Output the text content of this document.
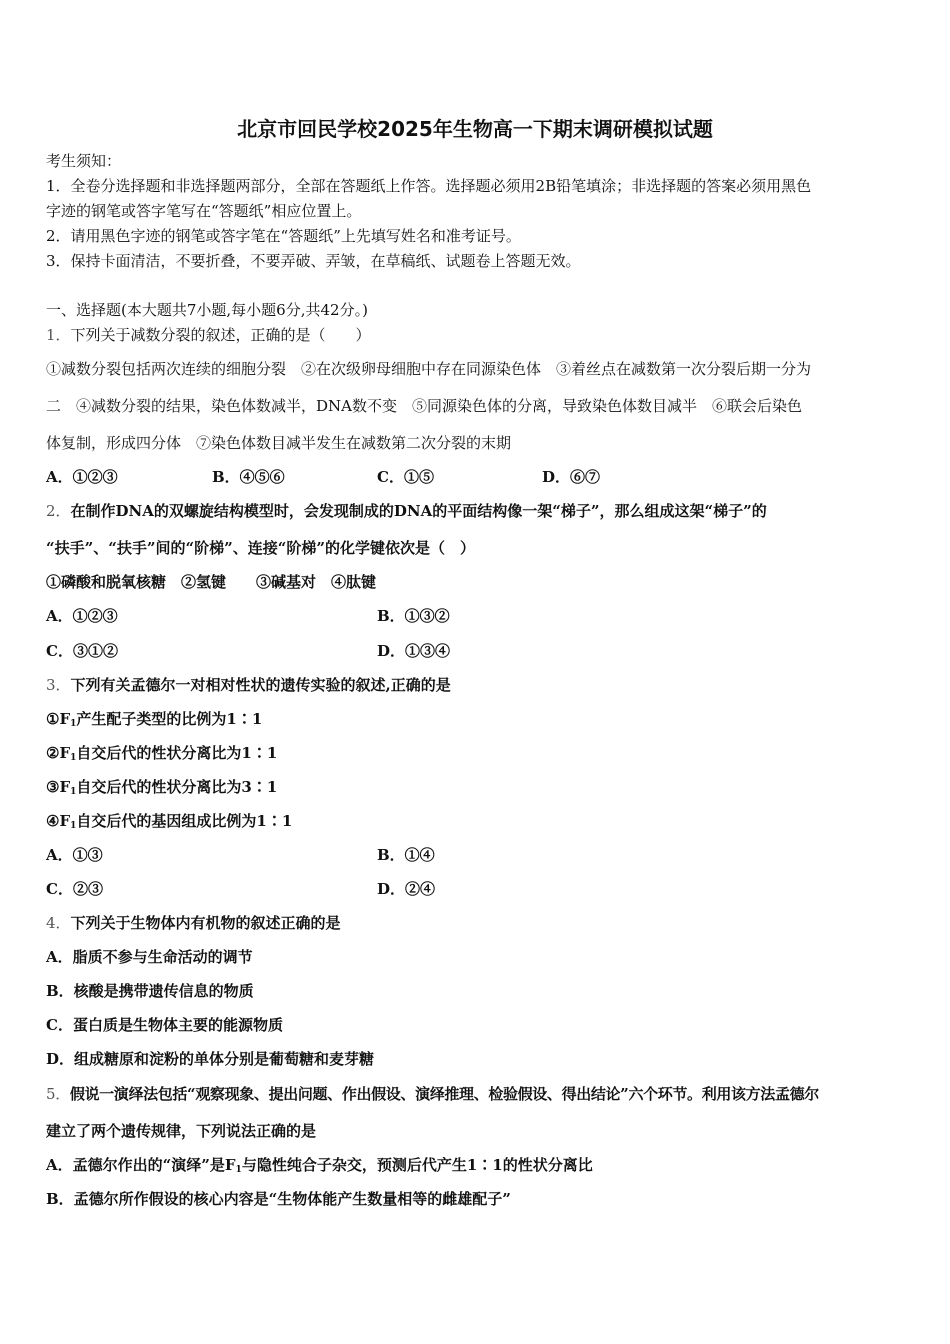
北京市回民学校2025年生物高一下期末调研模拟试题
考生须知：
1．全卷分选择题和非选择题两部分，全部在答题纸上作答。选择题必须用2B铅笔填涂；非选择题的答案必须用黑色
字迹的钢笔或答字笔写在“答题纸”相应位置上。
2．请用黑色字迹的钢笔或答字笔在“答题纸”上先填写姓名和准考证号。
3．保持卡面清洁，不要折叠，不要弄破、弄皱，在草稿纸、试题卷上答题无效。
一、选择题(本大题共7小题,每小题6分,共42分。)
1．下列关于减数分裂的叙述，正确的是（　　）
①减数分裂包括两次连续的细胞分裂　②在次级卵母细胞中存在同源染色体　③着丝点在减数第一次分裂后期一分为
二　④减数分裂的结果，染色体数减半，DNA数不变　⑤同源染色体的分离，导致染色体数目减半　⑥联会后染色
体复制，形成四分体　⑦染色体数目减半发生在减数第二次分裂的末期
A．①②③	B．④⑤⑥	C．①⑤	D．⑥⑦
2．在制作DNA的双螺旋结构模型时，会发现制成的DNA的平面结构像一架“梯子”，那么组成这架“梯子”的
“扶手”、“扶手”间的“阶梯”、连接“阶梯”的化学键依次是（　）
①磷酸和脱氧核糖　②氢键　　③碱基对　④肽键
A．①②③	B．①③②
C．③①②	D．①③④
3．下列有关孟德尔一对相对性状的遗传实验的叙述,正确的是
$①F_1$产生配子类型的比例为1∶1
$②F_1$自交后代的性状分离比为1∶1
$③F_1$自交后代的性状分离比为3∶1
$④F_1$自交后代的基因组成比例为1∶1
A．①③	B．①④
C．②③	D．②④
4．下列关于生物体内有机物的叙述正确的是
A．脂质不参与生命活动的调节
B．核酸是携带遗传信息的物质
C．蛋白质是生物体主要的能源物质
D．组成糖原和淀粉的单体分别是葡萄糖和麦芽糖
5．假说一演绎法包括“观察现象、提出问题、作出假设、演绎推理、检验假设、得出结论”六个环节。利用该方法孟德尔
建立了两个遗传规律，下列说法正确的是
A．孟德尔作出的“演绎”是$F_1$与隐性纯合子杂交，预测后代产生1∶1的性状分离比
B．孟德尔所作假设的核心内容是“生物体能产生数量相等的雌雄配子”
